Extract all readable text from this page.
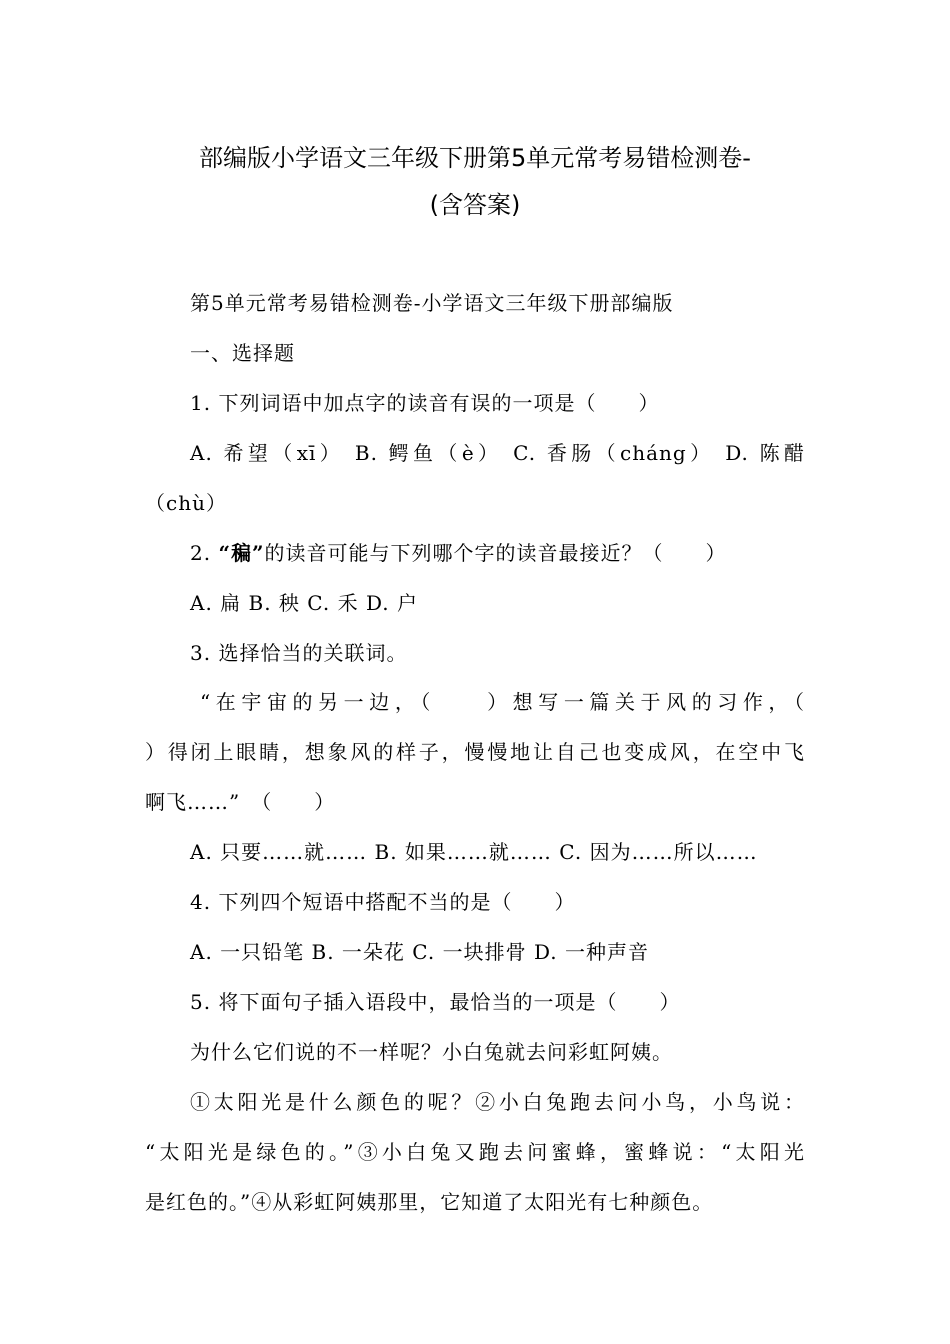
部编版小学语文三年级下册第5单元常考易错检测卷-
(含答案)
第5单元常考易错检测卷-小学语文三年级下册部编版
一、选择题
1. 下列词语中加点字的读音有误的一项是（　　）
A. 希望（xī） B. 鳄鱼（è） C. 香肠（cháng） D. 陈醋
（chù）
2. “稨”的读音可能与下列哪个字的读音最接近？（　　）
A. 扁 B. 秧 C. 禾 D. 户
3. 选择恰当的关联词。
“在宇宙的另一边，（　　）想写一篇关于风的习作，（
）得闭上眼睛，想象风的样子，慢慢地让自己也变成风，在空中飞
啊飞……”　（　　）
A. 只要……就…… B. 如果……就…… C. 因为……所以……
4. 下列四个短语中搭配不当的是（　　）
A. 一只铅笔 B. 一朵花 C. 一块排骨 D. 一种声音
5. 将下面句子插入语段中，最恰当的一项是（　　）
为什么它们说的不一样呢？小白兔就去问彩虹阿姨。
①太阳光是什么颜色的呢？②小白兔跑去问小鸟，小鸟说：
“太阳光是绿色的。”③小白兔又跑去问蜜蜂，蜜蜂说：“太阳光
是红色的。”④从彩虹阿姨那里，它知道了太阳光有七种颜色。
